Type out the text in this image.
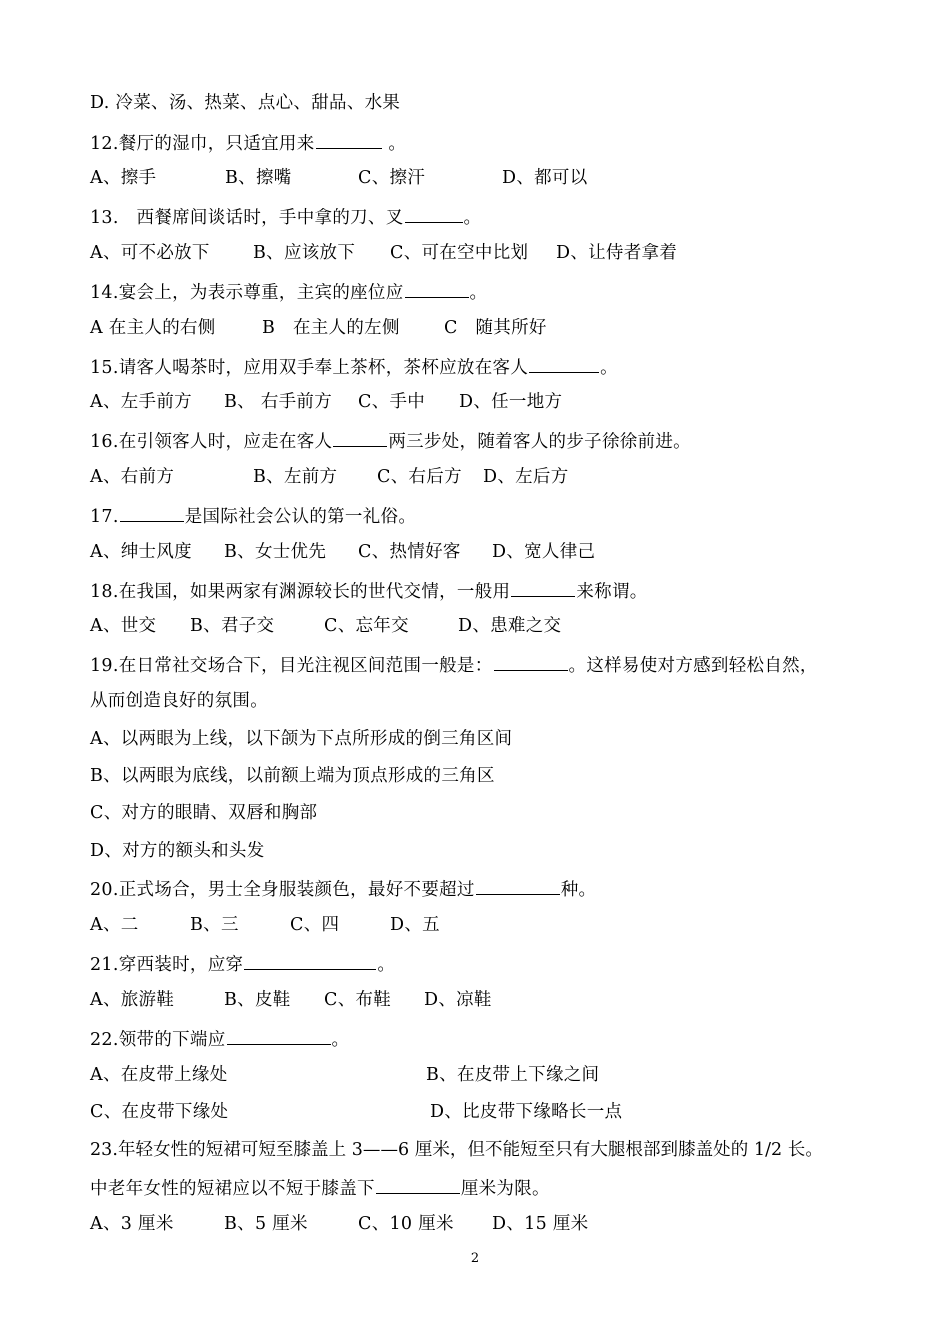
D. 冷菜、汤、热菜、点心、甜品、水果
12.餐厅的湿巾，只适宜用来	。
A、擦手	B、擦嘴	C、擦汗	D、都可以
13.　西餐席间谈话时，手中拿的刀、叉	。
A、可不必放下 B、应该放下 C、可在空中比划 D、让侍者拿着
14.宴会上，为表示尊重，主宾的座位应	。
A 在主人的右侧	B　在主人的左侧	C　随其所好
15.请客人喝茶时，应用双手奉上茶杯，茶杯应放在客人	。
A、左手前方 B、 右手前方 C、手中 D、任一地方
16.在引领客人时，应走在客人	两三步处，随着客人的步子徐徐前进。
A、右前方	B、左前方 C、右后方 D、左后方
17.	是国际社会公认的第一礼俗。
A、绅士风度 B、女士优先 C、热情好客 D、宽人律己
18.在我国，如果两家有渊源较长的世代交情，一般用	来称谓。
A、世交 B、君子交	C、忘年交	D、患难之交
19.在日常社交场合下，目光注视区间范围一般是：	。这样易使对方感到轻松自然，
从而创造良好的氛围。
A、以两眼为上线，以下颌为下点所形成的倒三角区间
B、以两眼为底线，以前额上端为顶点形成的三角区
C、对方的眼睛、双唇和胸部
D、对方的额头和头发
20.正式场合，男士全身服装颜色，最好不要超过	种。
A、二	B、三	C、四	D、五
21.穿西装时，应穿	。
A、旅游鞋	B、皮鞋 C、布鞋 D、凉鞋
22.领带的下端应	。
A、在皮带上缘处	B、在皮带上下缘之间
C、在皮带下缘处	D、比皮带下缘略长一点
23.年轻女性的短裙可短至膝盖上 3——6 厘米，但不能短至只有大腿根部到膝盖处的 1/2 长。
中老年女性的短裙应以不短于膝盖下	厘米为限。
A、3 厘米	B、5 厘米	C、10 厘米 D、15 厘米
2
